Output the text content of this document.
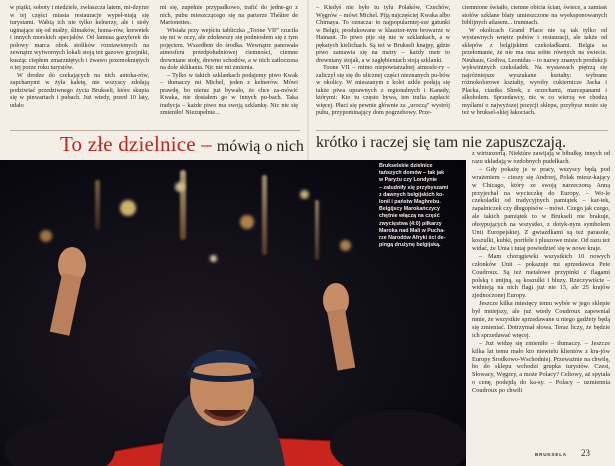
w piątki, soboty i niedziele, zwłaszcza latem, mi-dzyrze w tej części miasta restauracje wypeł-niają się turystami. Wabią ich nie tylko kelnerzy, ale i stoły uginające się od małży, ślimaków, homa-rów, krewetek i innych morskich specjałów. Od lamusa gazyferek do połowy marca obok stolików rozstawionych na zewnątrz wytwornych lokali stoją też gazowe grzejniki, kusząc ciepłem zmarzniętych i żwawo przemokniętych o tej porze roku turystów.

W drodze do czekających na nich autoka-rów, zapchanymi w żyła kaletę, nie wszyscy zdołają podziwiać przedziwnego życia Brukseli, które skupia się w pinwartach i pubach. Już wtedy, przed 10 laty, udało

mi się, zupełnie przypadkowo, trafić do jedne-go z nich, pubu mieszczącego się na parterze Théâtre de Marionettes.

Wisiała przy wejściu tabliczka „Toone VII” rzuciła się mi w oczy, ale zdoławszy się podniosłem się z tym pojęciem. Wszedłem do środka. Wewnątrz panowała atmosfera przedpołudniowej ciemności, ciemne drewniane stoły, drewno schodów, a w nich zatłoczona na dole sklikania. Nic nie mi zmienia.

– Tylko w takich szklankach podajemy piwo Kwak – tłumaczy mi Michel, jeden z kelnerów. Mówi prawdę, bo nieraz już bywało, że chce za-mówić Kwaka, nie dostałem go w innych pu-bach. Taka tradycja – każde piwo ma swoją szklankę. Nic nie się zmieniło! Niezupełnie...

– Kiedyś nie było tu tylu Polaków, Czechów, Węgrów – mówi Michel. Piją najczęściej Kwaka albo Chimaya. To oznacza: to najpopularniej-sze gatunki w Belgii, produkowane w klasztor-nym browarze w Hainaut. To piwo pije się nie w szklankach, a w pękatych kielichach. Są też w Brukseli knajpy, gdzie piwo zamawia się na metry – każdy metr to drewniany stojak, a w zagłębieniach stoją szklanki.

Toone VII – mimo niepowtarzalnej atmosfe-ry – zaliczył się się do ulicznej części nieznanych pu-bów w okolicy. W mieszanym z kolei szkle podają się także piwa uprawnych z regionalnych i Kanady, którymi: Kto tu często bywa, ten trafia zapłacić więcej. Płaci się pewnie głównie za „uroczą” wystrój pubu, przypominający dom pogrzebowy. Prze-

ciemnione światło, ciemne obicia ścian, świece, a zamiast stołów szklane blaty umieszczone na wyeksponowanych biblijnych atlasem... trumnach.

W okolicach Grand Place nie są tak tylko od wystawnych wnętrz pubów i restauracji, ale także od sklepów z belgijskimi czekoladkami. Belgia sa przełomanie, że nie ma ona sobie równych na świecie. Neuhaus, Godiva, Leonidas – to nazwy znanych produkcji wykwintnych czekoladek. Na wystawach piętrzą się najróżniejsze wyszukane kształty: wybrane różnokolorowe kształty, wyroby cukiernicze Jacka i Placka, ciastka Shrek, z orzechami, marcepanami i alkoholem. Sprzedawcy, nic w co wierzą we chodzą myślami o najwyższej pozycji sklepu, przybysz może się też w bruksel-skiej łakociach.

To złe dzielnice – mówią o nich krótko i raczej się tam nie zapuszczają.
Brukselskie dzielnice
tańszych domów – tak jak
w Paryżu czy Londynie
– zaludniły się przybyszami
z dawnych belgijskich ko-
lonii i państw Maghrebu.
Belgijscy Marokańczycy
chętnie włączą na część
zwycięstwa (4:0) piłkarzy
Maroka nad Mali w Pucha-
rze Narodów Afryki ści de-
pingą drużynę belgijską.

z wirtuozerią. Niektóre zawijają w bibułkę, innych od razu układają w ozdobnych pudełkach.

– Gdy pokażę je w pracy, wszyscy będą pod wrażeniem – cieszy się Andrzej, Polak miesz-kający w Chicago, który ze swoją narzeczoną Anną przyjechał na wycieczkę do Europy. – Wo-le czekoladki od tradycyjnych pamiątek – kar-tek, zapalniczek czy długopisów – mówi. Czego jak czego, ale takich pamiątek to w Brukseli nie brakuje, obsypujących na wszystko, z dotyk-nym symbolem Unii Europejskiej. Z gwiazdkami są też parasole, koszulki, kubki, portfele i pluszowe misie. Od razu też widać, że Unia i tutaj powiedzieć się w nowe kraje.

– Mam chorągiewki wszystkich 10 nowych członków Unii – pokazuje mi sprzedawca Pete Coudroux. Są też metalowe przypinki z flagami polską i unijną, są koszulki i bluzy. Rzeczywiście – widnieją na nich flagi już nie 15, ale 25 krajów zjednoczonej Europy.

Jeszcze kilka miesięcy temu wybór w jego sklepie był mniejszy, ale już wtedy Coudroux zapewniał mnie, że wszystkie sprzedawane u niego gadżety będą się zmieniać. Dotrzymał słowa. Teraz liczy, że będzie ich sprzedawać więcej.

– Już widzę się zmieniło – tłumaczy. – Jeszcze kilka lat temu mało kto niewielu klientów z kra-jów Europy Środkowo-Wschodniej. Przeważnie na chwilę, bo do sklepu wchodzi grupka turystów. Czesi, Słowacy, Węgrzy, a może Polacy? Celtowy, aż spytała o cenę, podejdą do ka-sy. – Polacy – uzmiennia Coudroux po chwili

BRUKSELA 23
